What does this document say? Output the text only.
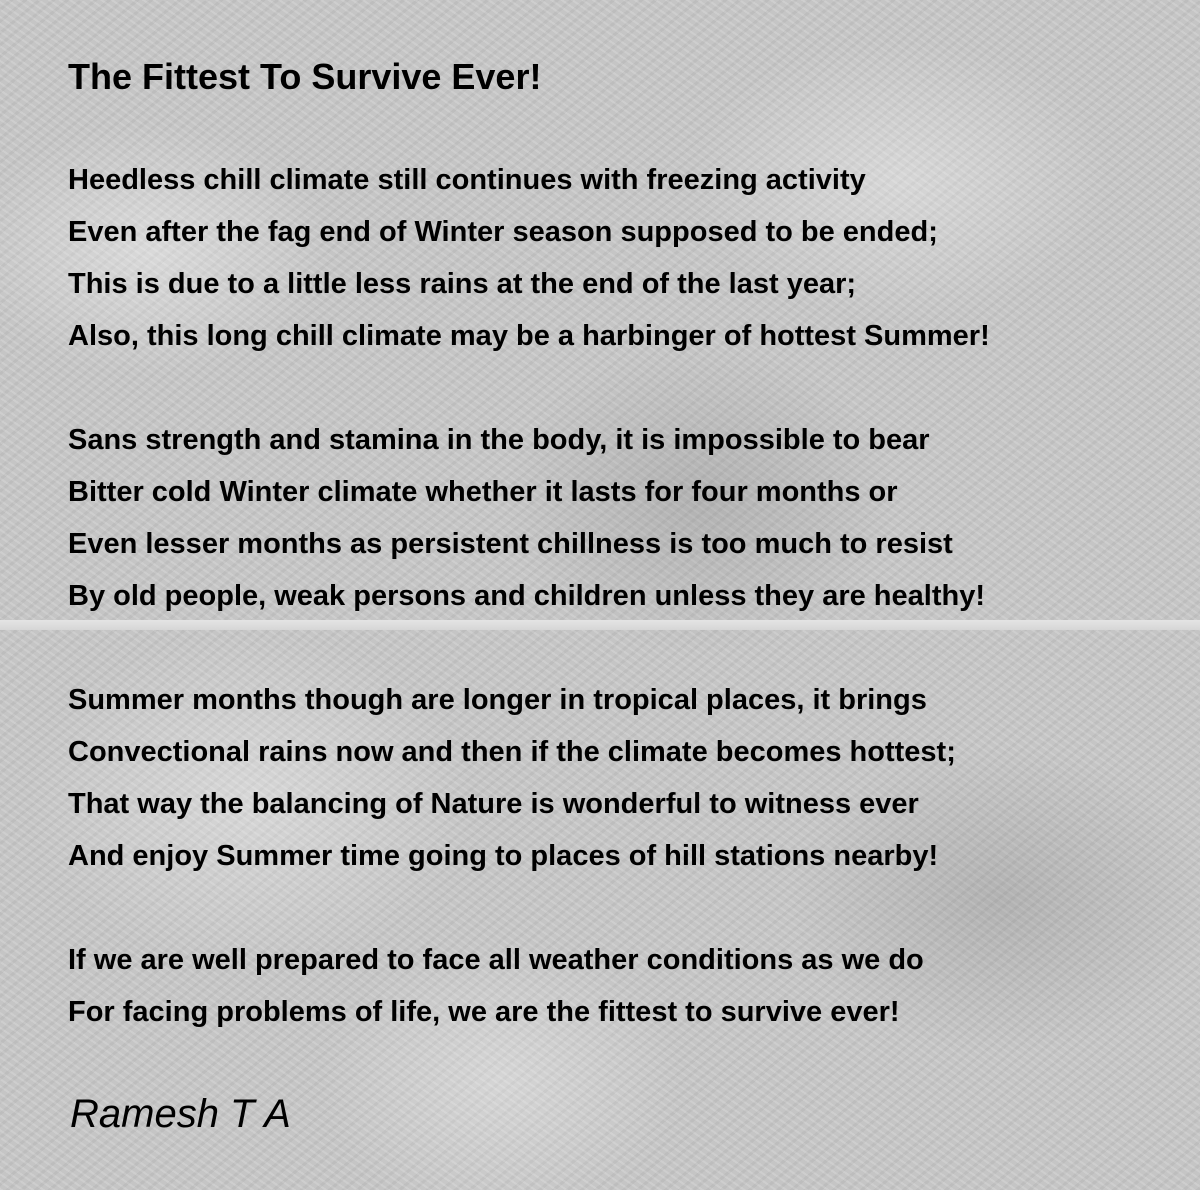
The Fittest To Survive Ever!
Heedless chill climate still continues with freezing activity
Even after the fag end of Winter season supposed to be ended;
This is due to a little less rains at the end of the last year;
Also, this long chill climate may be a harbinger of hottest Summer!
Sans strength and stamina in the body, it is impossible to bear
Bitter cold Winter climate whether it lasts for four months or
Even lesser months as persistent chillness is too much to resist
By old people, weak persons and children unless they are healthy!
Summer months though are longer in tropical places, it brings
Convectional rains now and then if the climate becomes hottest;
That way the balancing of Nature is wonderful to witness ever
And enjoy Summer time going to places of hill stations nearby!
If we are well prepared to face all weather conditions as we do
For facing problems of life, we are the fittest to survive ever!
Ramesh T A
